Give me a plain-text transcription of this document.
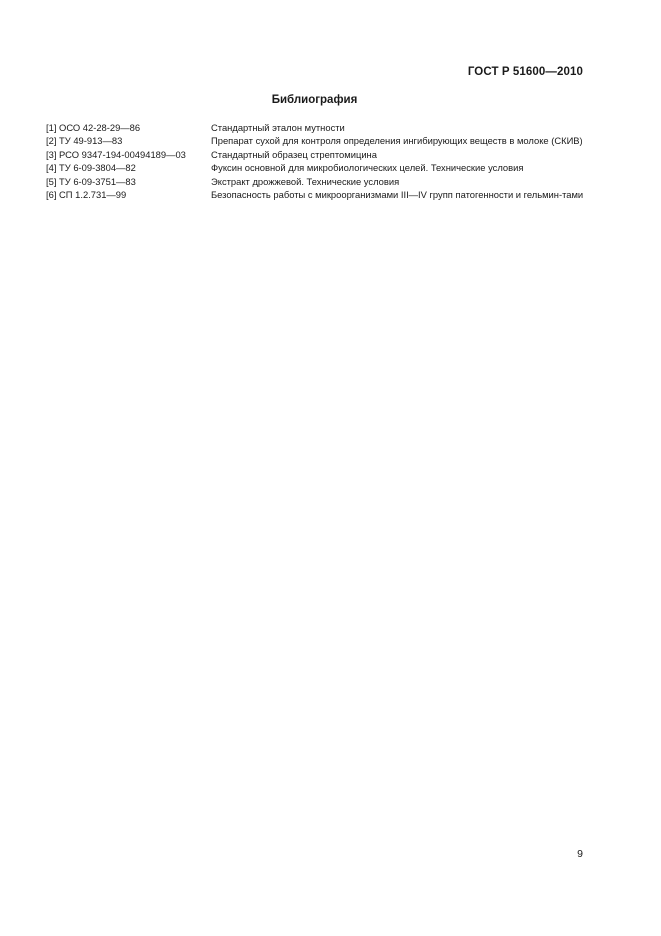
ГОСТ Р 51600—2010
Библиография
[1] ОСО 42-28-29—86	Стандартный эталон мутности
[2] ТУ 49-913—83	Препарат сухой для контроля определения ингибирующих веществ в молоке (СКИВ)
[3] РСО 9347-194-00494189—03	Стандартный образец стрептомицина
[4] ТУ 6-09-3804—82	Фуксин основной для микробиологических целей. Технические условия
[5] ТУ 6-09-3751—83	Экстракт дрожжевой. Технические условия
[6] СП 1.2.731—99	Безопасность работы с микроорганизмами III—IV групп патогенности и гельмин-тами
9
